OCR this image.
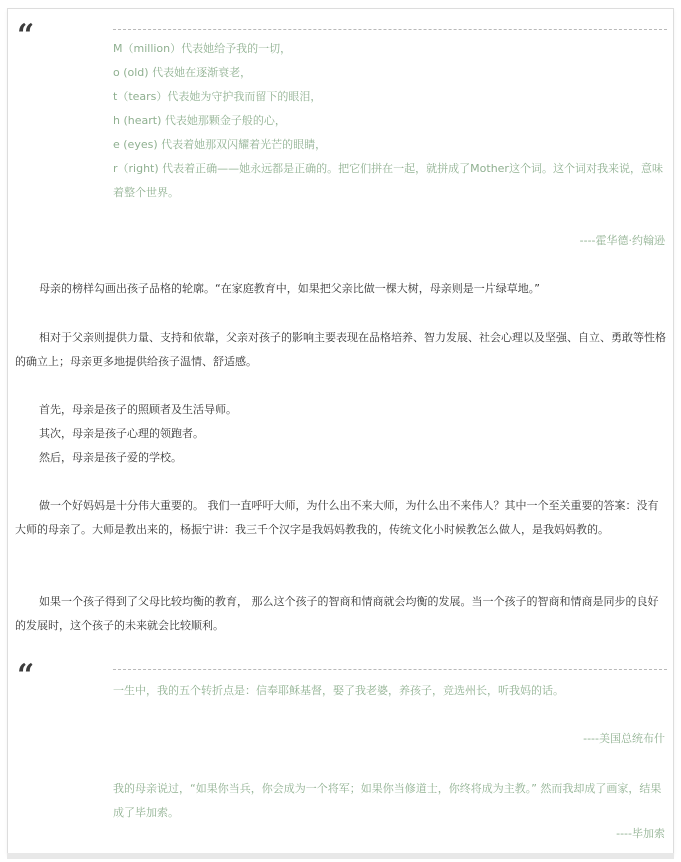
“	M（million）代表她给予我的一切，
o (old) 代表她在逐渐衰老，
t（tears）代表她为守护我而留下的眼泪，
h (heart) 代表她那颗金子般的心，
e (eyes) 代表着她那双闪耀着光芒的眼睛，
r（right) 代表着正确——她永远都是正确的。把它们拼在一起，就拼成了Mother这个词。这个词对我来说，意味着整个世界。
----霍华德·约翰逊
母亲的榜样勾画出孩子品格的轮廓。“在家庭教育中，如果把父亲比做一棵大树，母亲则是一片绿草地。”
相对于父亲则提供力量、支持和依靠，父亲对孩子的影响主要表现在品格培养、智力发展、社会心理以及坚强、自立、勇敢等性格的确立上；母亲更多地提供给孩子温情、舒适感。
首先，母亲是孩子的照顾者及生活导师。
其次，母亲是孩子心理的领跑者。
然后，母亲是孩子爱的学校。
做一个好妈妈是十分伟大重要的。 我们一直呼吁大师，为什么出不来大师，为什么出不来伟人？其中一个至关重要的答案：没有大师的母亲了。大师是教出来的，杨振宁讲：我三千个汉字是我妈妈教我的，传统文化小时候教怎么做人，是我妈妈教的。
如果一个孩子得到了父母比较均衡的教育， 那么这个孩子的智商和情商就会均衡的发展。当一个孩子的智商和情商是同步的良好的发展时，这个孩子的未来就会比较顺利。
“	一生中，我的五个转折点是：信奉耶稣基督，娶了我老婆，养孩子，竞选州长，听我妈的话。
----美国总统布什
我的母亲说过，“如果你当兵，你会成为一个将军；如果你当修道士，你终将成为主教。” 然而我却成了画家，结果成了毕加索。
----毕加索
